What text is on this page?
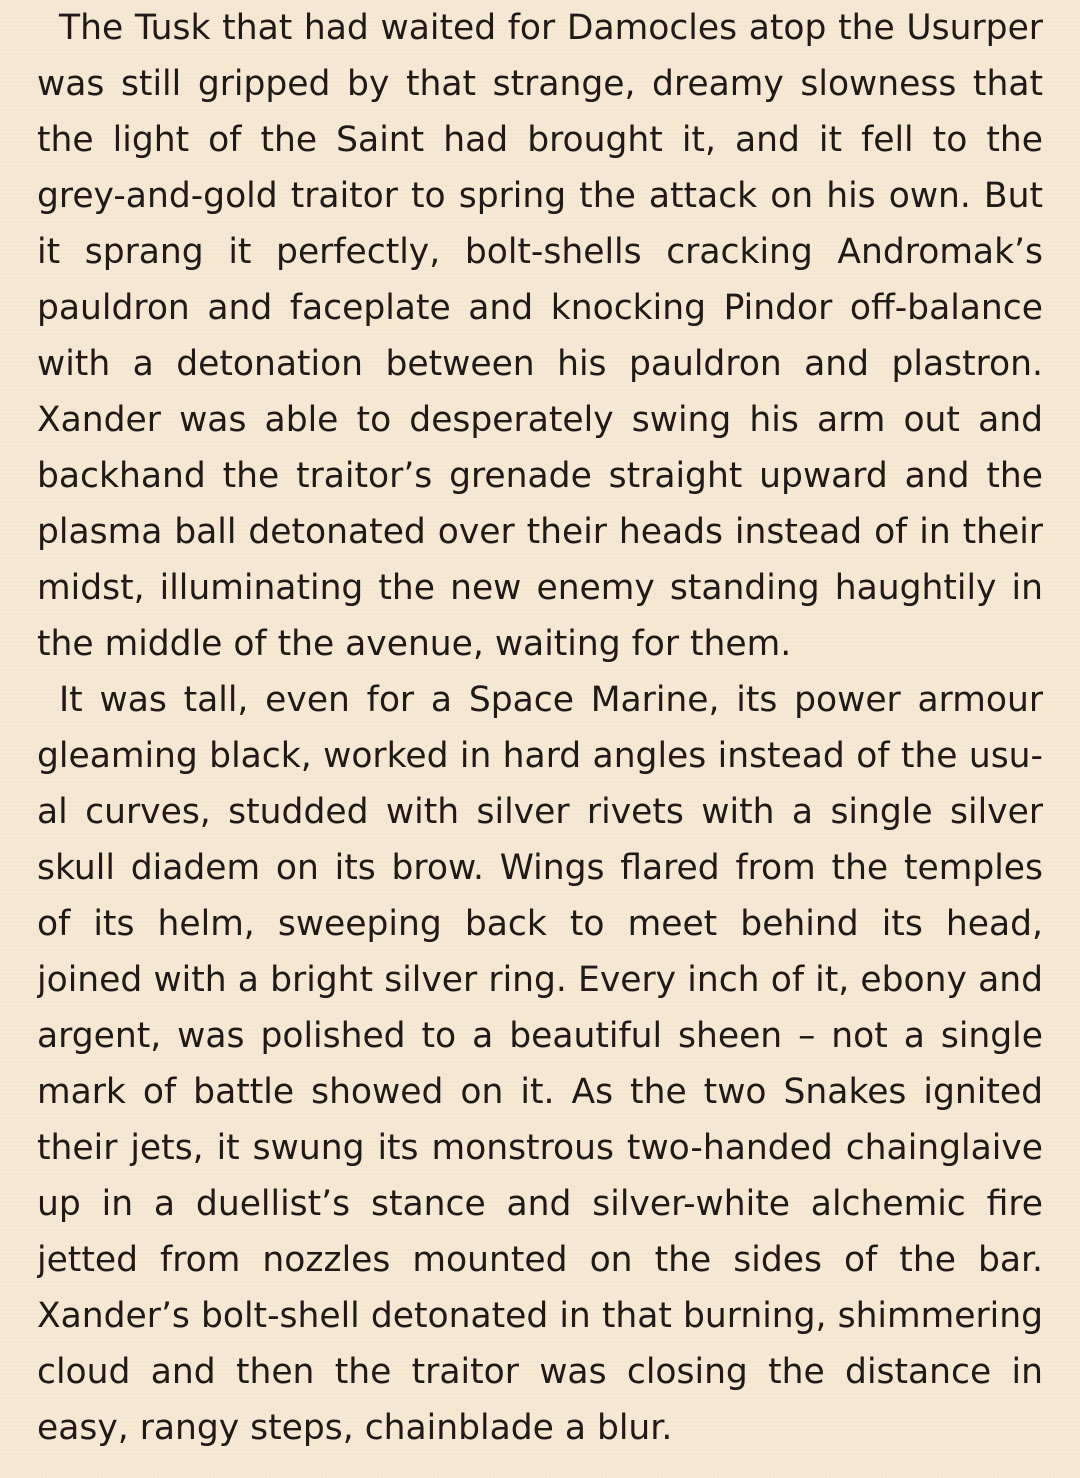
The Tusk that had waited for Damocles atop the Usurper was still gripped by that strange, dreamy slowness that the light of the Saint had brought it, and it fell to the grey-and-gold traitor to spring the attack on his own. But it sprang it perfectly, bolt-shells cracking Andromak’s pauldron and faceplate and knocking Pindor off-balance with a detonation between his pauldron and plastron. Xander was able to desperately swing his arm out and backhand the traitor’s grenade straight upward and the plasma ball detonated over their heads instead of in their midst, illuminating the new enemy standing haughtily in the middle of the avenue, waiting for them.

It was tall, even for a Space Marine, its power armour gleaming black, worked in hard angles instead of the usual curves, studded with silver rivets with a single silver skull diadem on its brow. Wings flared from the temples of its helm, sweeping back to meet behind its head, joined with a bright silver ring. Every inch of it, ebony and argent, was polished to a beautiful sheen – not a single mark of battle showed on it. As the two Snakes ignited their jets, it swung its monstrous two-handed chainglaive up in a duellist’s stance and silver-white alchemic fire jetted from nozzles mounted on the sides of the bar. Xander’s bolt-shell detonated in that burning, shimmering cloud and then the traitor was closing the distance in easy, rangy steps, chainblade a blur.
